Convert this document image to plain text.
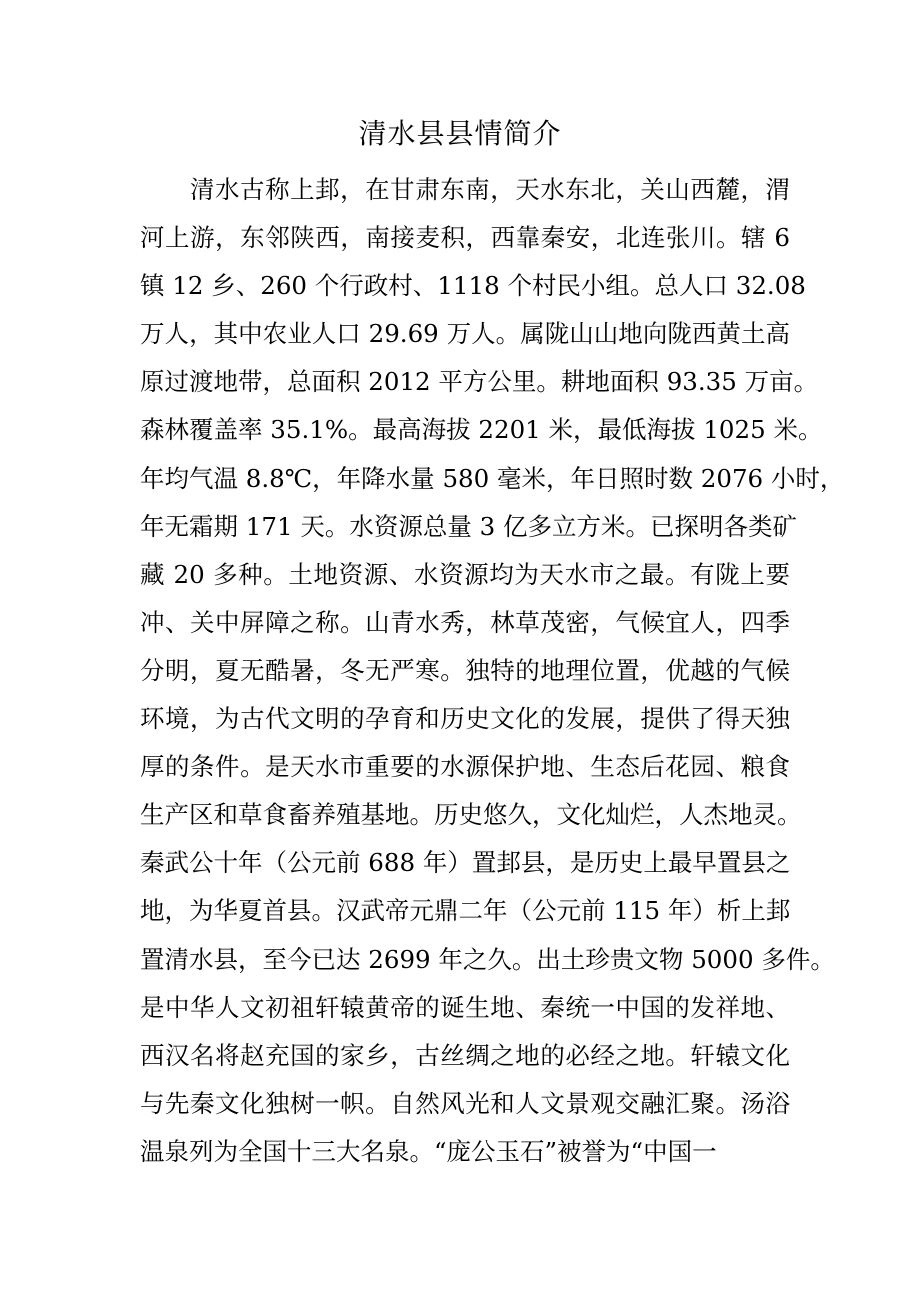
清水县县情简介
清水古称上邽，在甘肃东南，天水东北，关山西麓，渭
河上游，东邻陕西，南接麦积，西靠秦安，北连张川。辖 6
镇 12 乡、260 个行政村、1118 个村民小组。总人口 32.08
万人，其中农业人口 29.69 万人。属陇山山地向陇西黄土高
原过渡地带，总面积 2012 平方公里。耕地面积 93.35 万亩。
森林覆盖率 35.1%。最高海拔 2201 米，最低海拔 1025 米。
年均气温 8.8℃，年降水量 580 毫米，年日照时数 2076 小时，
年无霜期 171 天。水资源总量 3 亿多立方米。已探明各类矿
藏 20 多种。土地资源、水资源均为天水市之最。有陇上要
冲、关中屏障之称。山青水秀，林草茂密，气候宜人，四季
分明，夏无酷暑，冬无严寒。独特的地理位置，优越的气候
环境，为古代文明的孕育和历史文化的发展，提供了得天独
厚的条件。是天水市重要的水源保护地、生态后花园、粮食
生产区和草食畜养殖基地。历史悠久，文化灿烂，人杰地灵。
秦武公十年（公元前 688 年）置邽县，是历史上最早置县之
地，为华夏首县。汉武帝元鼎二年（公元前 115 年）析上邽
置清水县，至今已达 2699 年之久。出土珍贵文物 5000 多件。
是中华人文初祖轩辕黄帝的诞生地、秦统一中国的发祥地、
西汉名将赵充国的家乡，古丝绸之地的必经之地。轩辕文化
与先秦文化独树一帜。自然风光和人文景观交融汇聚。汤浴
温泉列为全国十三大名泉。“庞公玉石”被誉为“中国一
